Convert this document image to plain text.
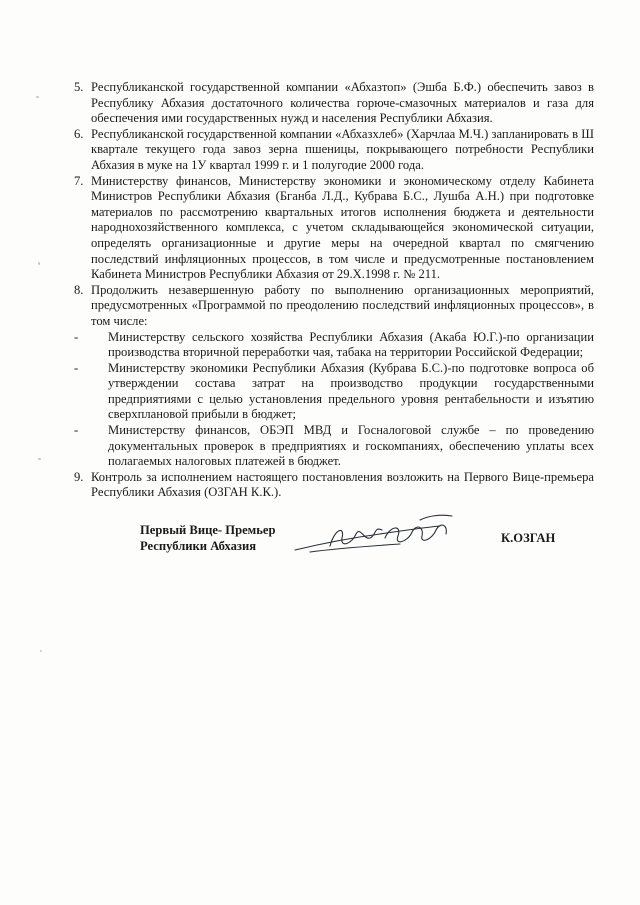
5. Республиканской государственной компании «Абхазтоп» (Эшба Б.Ф.) обеспечить завоз в Республику Абхазия достаточного количества горюче-смазочных материалов и газа для обеспечения ими государственных нужд и населения Республики Абхазия.
6. Республиканской государственной компании «Абхазхлеб» (Харчлаа М.Ч.) запланировать в Ш квартале текущего года завоз зерна пшеницы, покрывающего потребности Республики Абхазия в муке на 1У квартал 1999 г. и 1 полугодие 2000 года.
7. Министерству финансов, Министерству экономики и экономическому отделу Кабинета Министров Республики Абхазия (Бганба Л.Д., Кубрава Б.С., Лушба А.Н.) при подготовке материалов по рассмотрению квартальных итогов исполнения бюджета и деятельности народнохозяйственного комплекса, с учетом складывающейся экономической ситуации, определять организационные и другие меры на очередной квартал по смягчению последствий инфляционных процессов, в том числе и предусмотренные постановлением Кабинета Министров Республики Абхазия от 29.Х.1998 г. № 211.
8. Продолжить незавершенную работу по выполнению организационных мероприятий, предусмотренных «Программой по преодолению последствий инфляционных процессов», в том числе:
-	Министерству сельского хозяйства Республики Абхазия (Акаба Ю.Г.)-по организации производства вторичной переработки чая, табака на территории Российской Федерации;
-	Министерству экономики Республики Абхазия (Кубрава Б.С.)-по подготовке вопроса об утверждении состава затрат на производство продукции государственными предприятиями с целью установления предельного уровня рентабельности и изъятию сверхплановой прибыли в бюджет;
-	Министерству финансов, ОБЭП МВД и Госналоговой службе – по проведению документальных проверок в предприятиях и госкомпаниях, обеспечению уплаты всех полагаемых налоговых платежей в бюджет.
9. Контроль за исполнением настоящего постановления возложить на Первого Вице-премьера Республики Абхазия (ОЗГАН К.К.).
Первый Вице- Премьер
Республики Абхазия
К.ОЗГАН
